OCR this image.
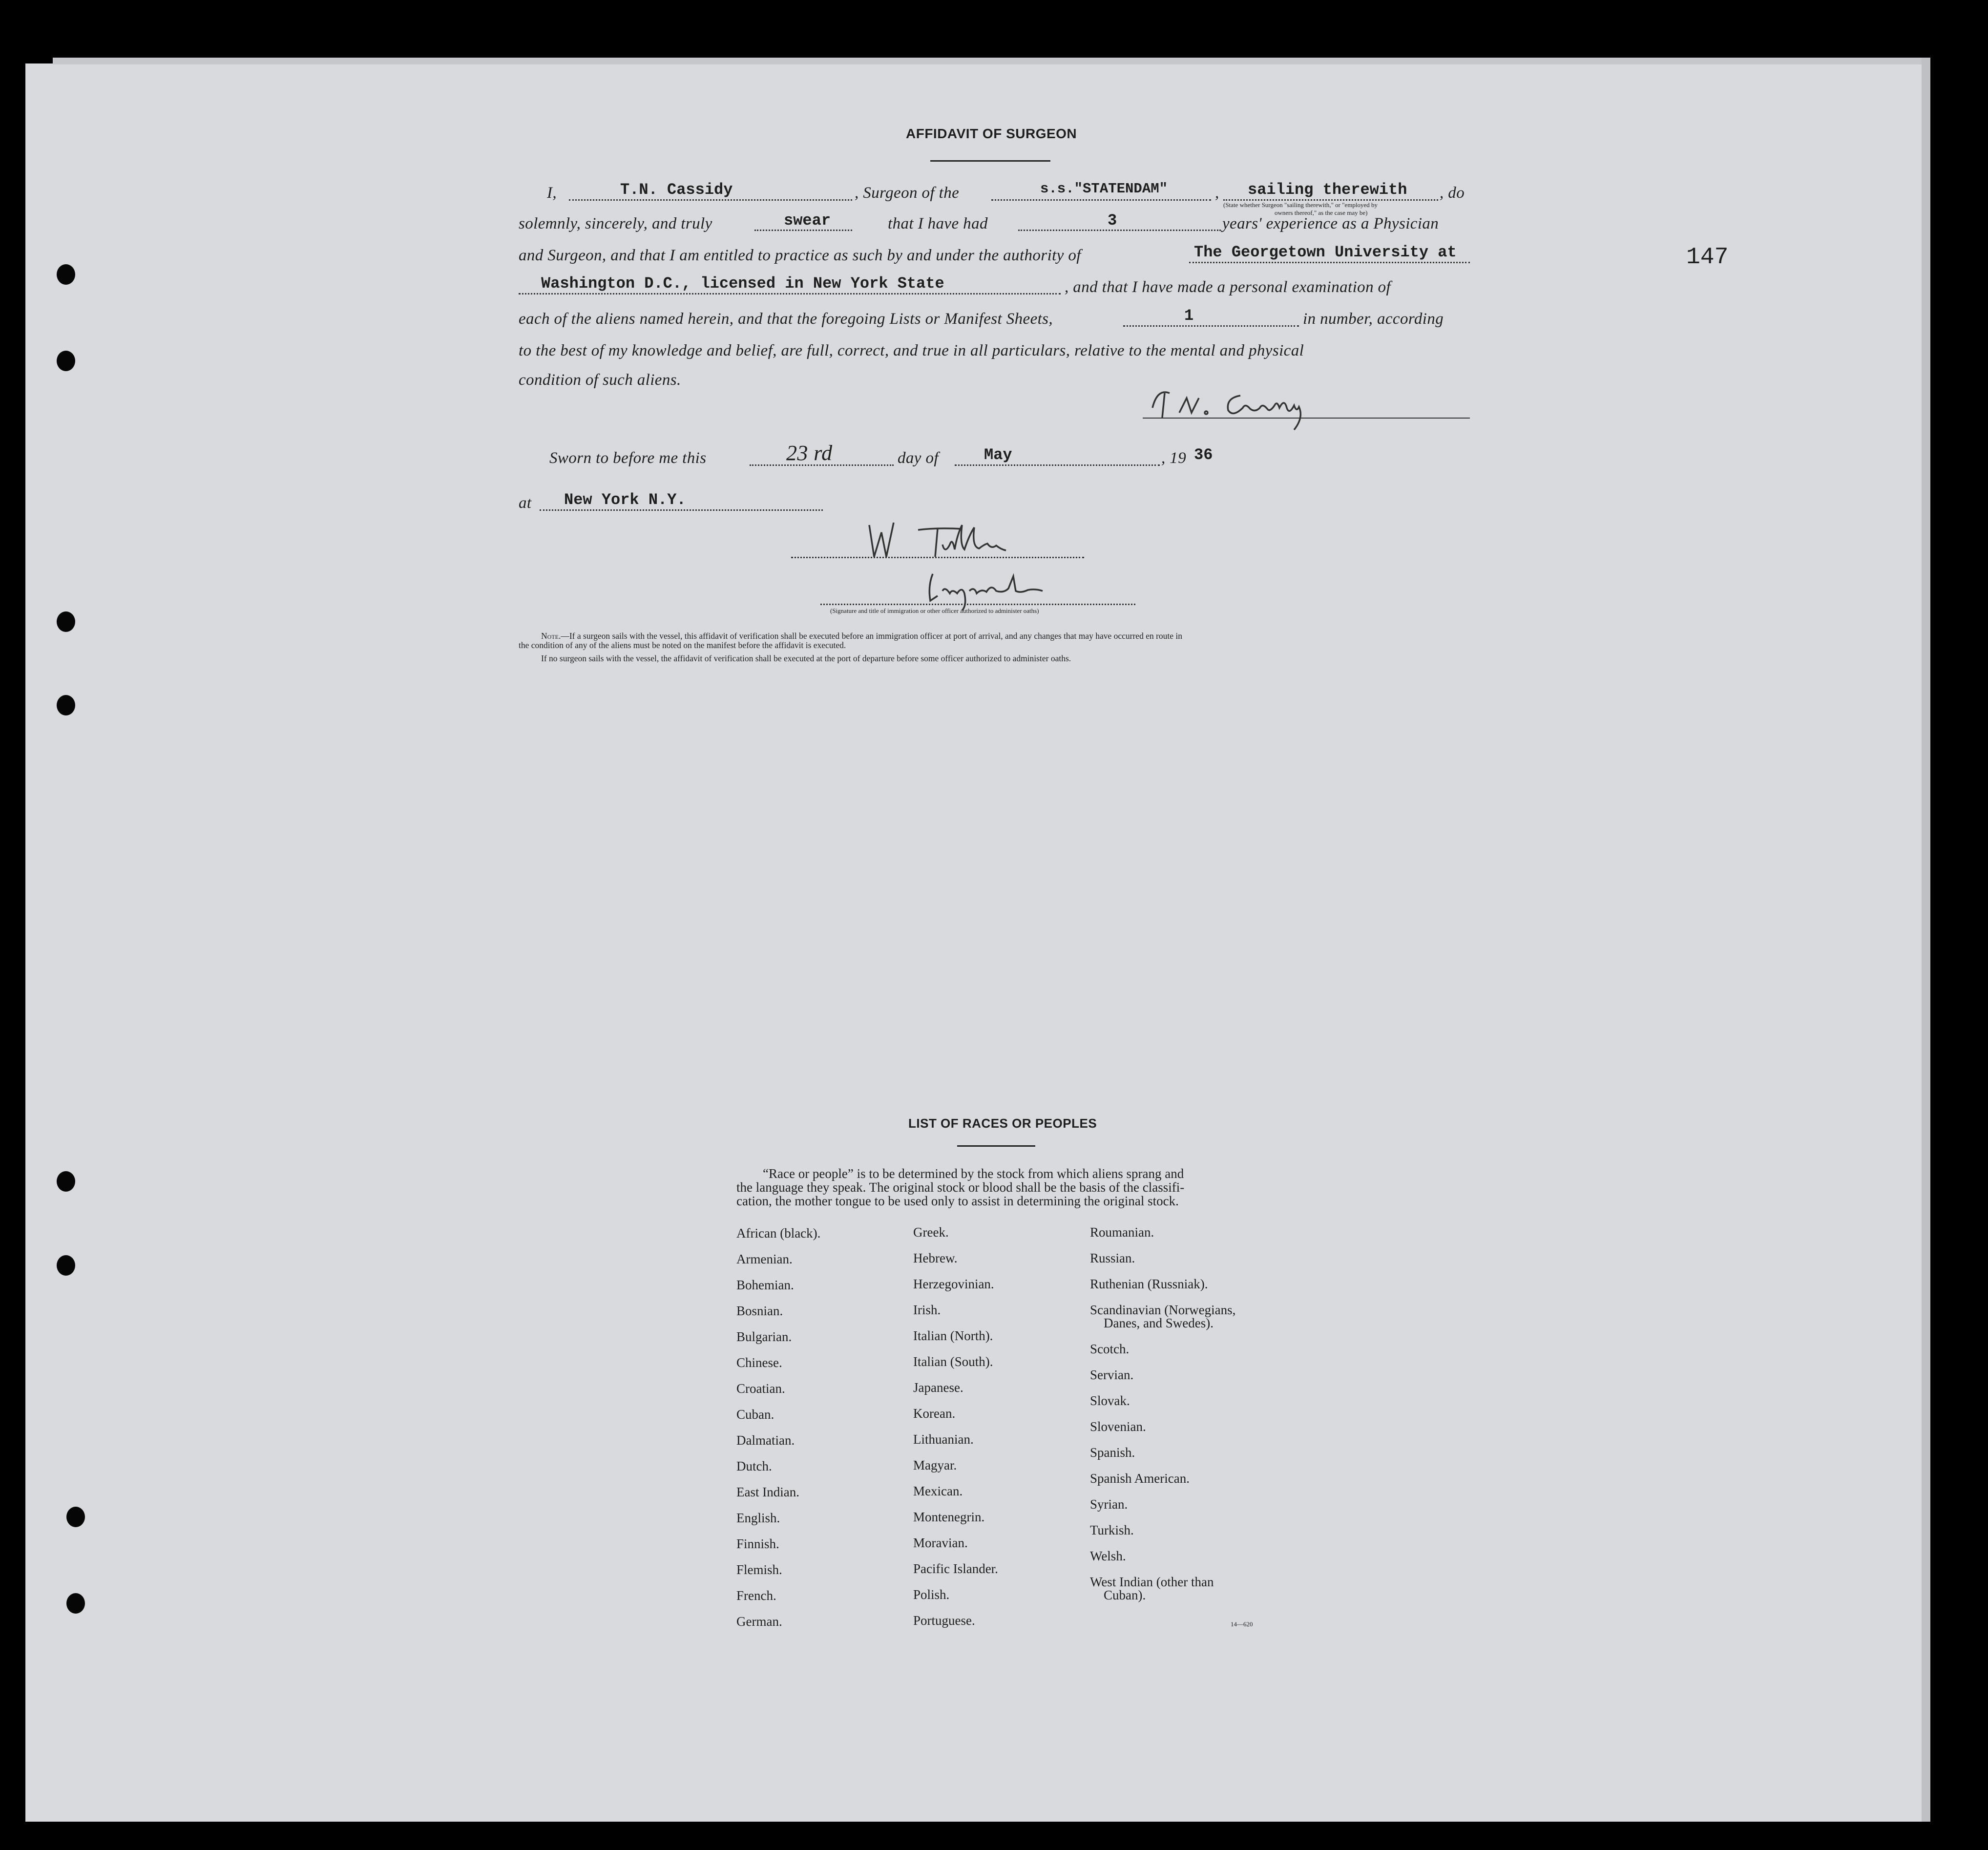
147
AFFIDAVIT OF SURGEON
I,	T.N. Cassidy	, Surgeon of the	s.s."STATENDAM"	, sailing therewith
(State whether Surgeon "sailing therewith," or "employed by
owners thereof," as the case may be)
, do
solemnly, sincerely, and truly	swear	that I have had	3	years' experience as a Physician
and Surgeon, and that I am entitled to practice as such by and under the authority of	The Georgetown University at
Washington D.C., licensed in New York State	, and that I have made a personal examination of
each of the aliens named herein, and that the foregoing Lists or Manifest Sheets,	1	in number, according
to the best of my knowledge and belief, are full, correct, and true in all particulars, relative to the mental and physical
condition of such aliens.
Sworn to before me this	23 rd	day of	May	, 19 36
at New York N.Y.
(Signature and title of immigration or other officer authorized to administer oaths)
Note.—If a surgeon sails with the vessel, this affidavit of verification shall be executed before an immigration officer at port of arrival, and any changes that may have occurred en route in
the condition of any of the aliens must be noted on the manifest before the affidavit is executed.
If no surgeon sails with the vessel, the affidavit of verification shall be executed at the port of departure before some officer authorized to administer oaths.
LIST OF RACES OR PEOPLES
“Race or people” is to be determined by the stock from which aliens sprang and
the language they speak. The original stock or blood shall be the basis of the classifi-
cation, the mother tongue to be used only to assist in determining the original stock.
African (black).
Armenian.
Bohemian.
Bosnian.
Bulgarian.
Chinese.
Croatian.
Cuban.
Dalmatian.
Dutch.
East Indian.
English.
Finnish.
Flemish.
French.
German.
Greek.
Hebrew.
Herzegovinian.
Irish.
Italian (North).
Italian (South).
Japanese.
Korean.
Lithuanian.
Magyar.
Mexican.
Montenegrin.
Moravian.
Pacific Islander.
Polish.
Portuguese.
Roumanian.
Russian.
Ruthenian (Russniak).
Scandinavian (Norwegians,
Danes, and Swedes).
Scotch.
Servian.
Slovak.
Slovenian.
Spanish.
Spanish American.
Syrian.
Turkish.
Welsh.
West Indian (other than
Cuban).
14—620
